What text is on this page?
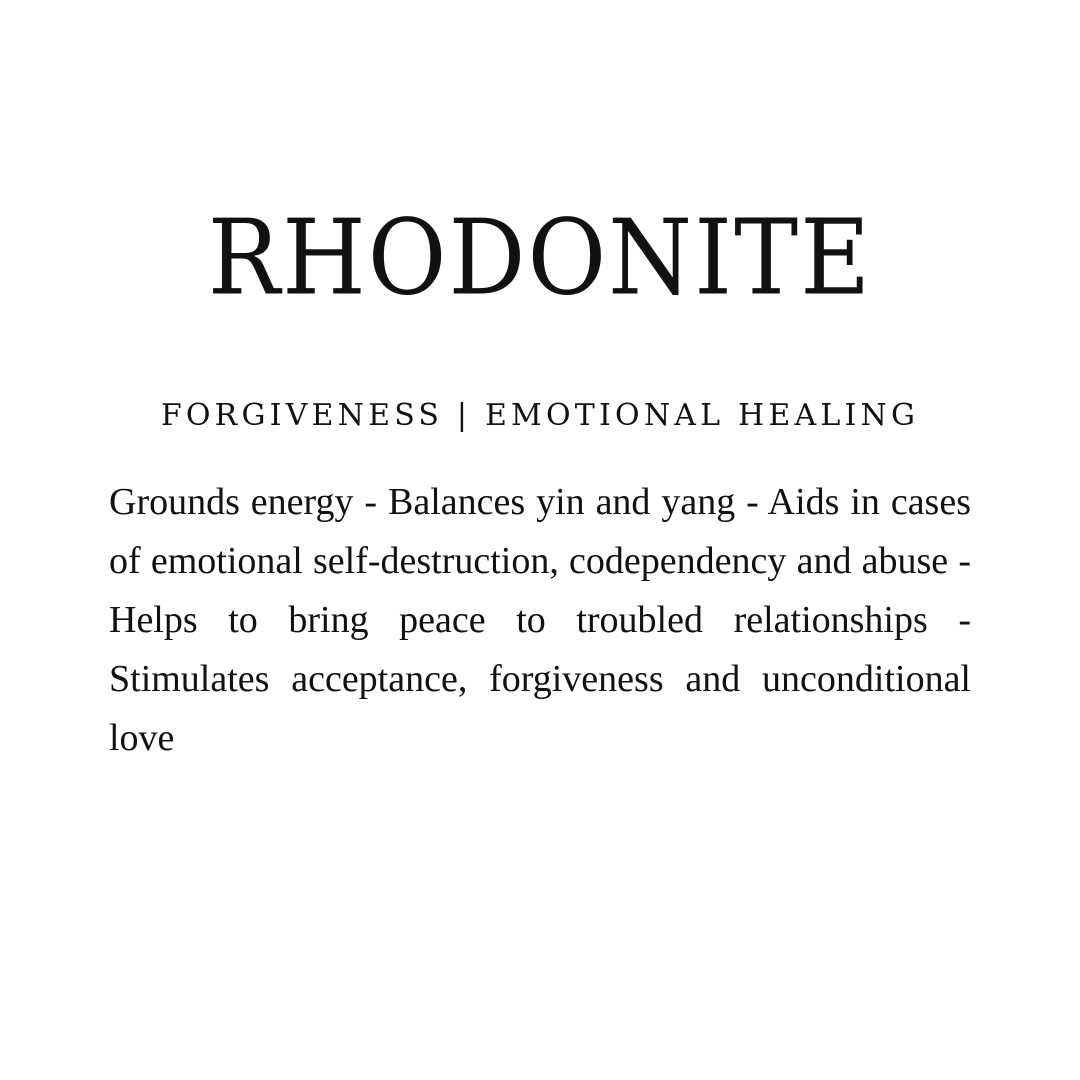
RHODONITE

FORGIVENESS | EMOTIONAL HEALING

Grounds energy - Balances yin and yang - Aids in cases of emotional self-destruction, codependency and abuse - Helps to bring peace to troubled relationships - Stimulates acceptance, forgiveness and unconditional love
